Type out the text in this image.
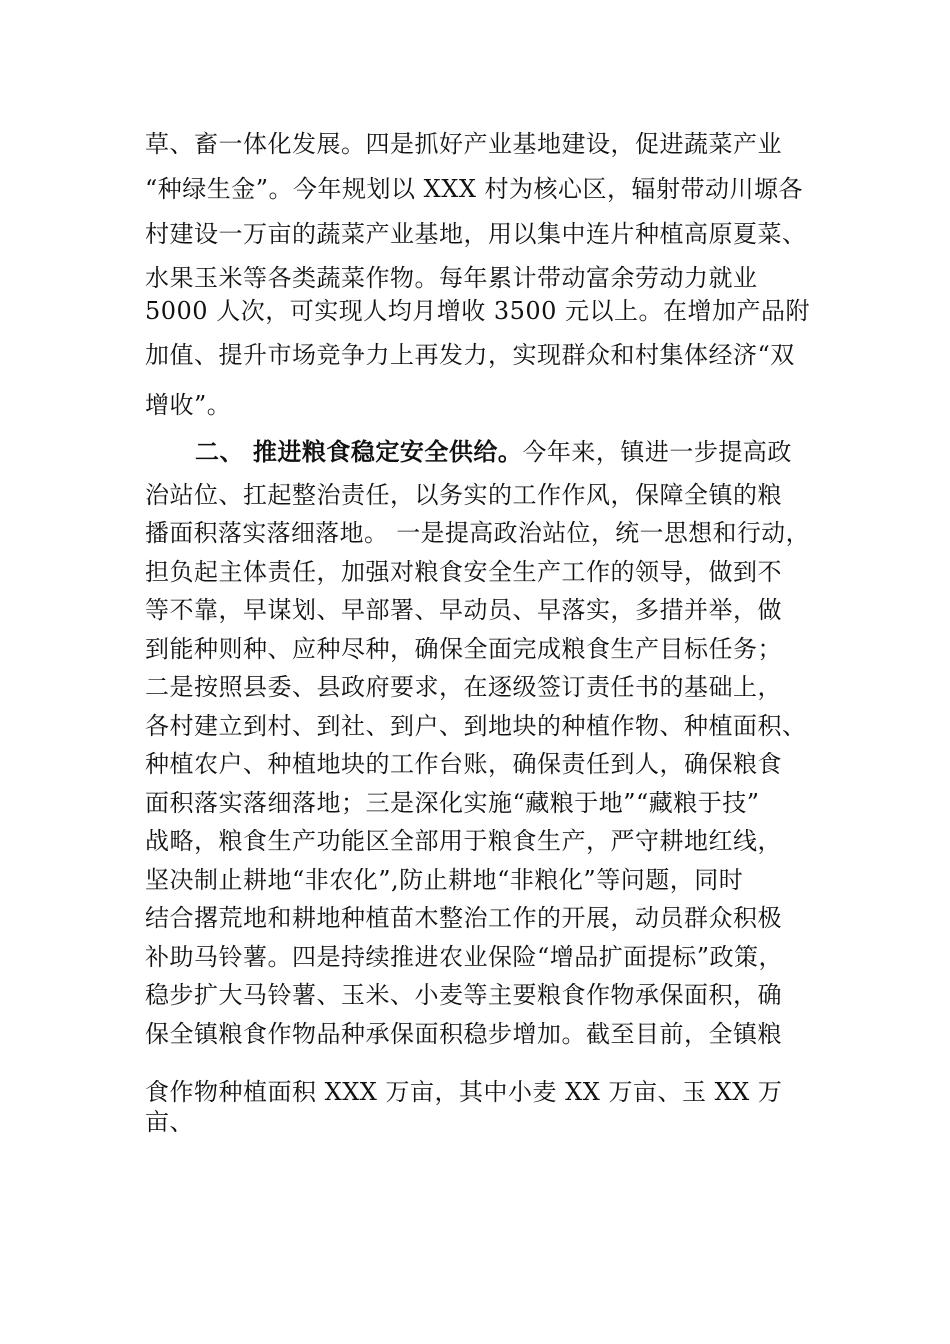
草、畜一体化发展。四是抓好产业基地建设，促进蔬菜产业
“种绿生金”。今年规划以 XXX 村为核心区，辐射带动川塬各
村建设一万亩的蔬菜产业基地，用以集中连片种植高原夏菜、
水果玉米等各类蔬菜作物。每年累计带动富余劳动力就业
5000 人次，可实现人均月增收 3500 元以上。在增加产品附
加值、提升市场竞争力上再发力，实现群众和村集体经济“双
增收”。
二、 推进粮食稳定安全供给。今年来，镇进一步提高政
治站位、扛起整治责任，以务实的工作作风，保障全镇的粮
播面积落实落细落地。 一是提高政治站位，统一思想和行动，
担负起主体责任，加强对粮食安全生产工作的领导，做到不
等不靠，早谋划、早部署、早动员、早落实，多措并举，做
到能种则种、应种尽种，确保全面完成粮食生产目标任务；
二是按照县委、县政府要求，在逐级签订责任书的基础上，
各村建立到村、到社、到户、到地块的种植作物、种植面积、
种植农户、种植地块的工作台账，确保责任到人，确保粮食
面积落实落细落地；三是深化实施“藏粮于地”“藏粮于技”
战略，粮食生产功能区全部用于粮食生产，严守耕地红线，
坚决制止耕地“非农化”,防止耕地“非粮化”等问题，同时
结合撂荒地和耕地种植苗木整治工作的开展，动员群众积极
补助马铃薯。四是持续推进农业保险“增品扩面提标”政策，
稳步扩大马铃薯、玉米、小麦等主要粮食作物承保面积，确
保全镇粮食作物品种承保面积稳步增加。截至目前，全镇粮
食作物种植面积 XXX 万亩，其中小麦 XX 万亩、玉 XX 万
亩、
